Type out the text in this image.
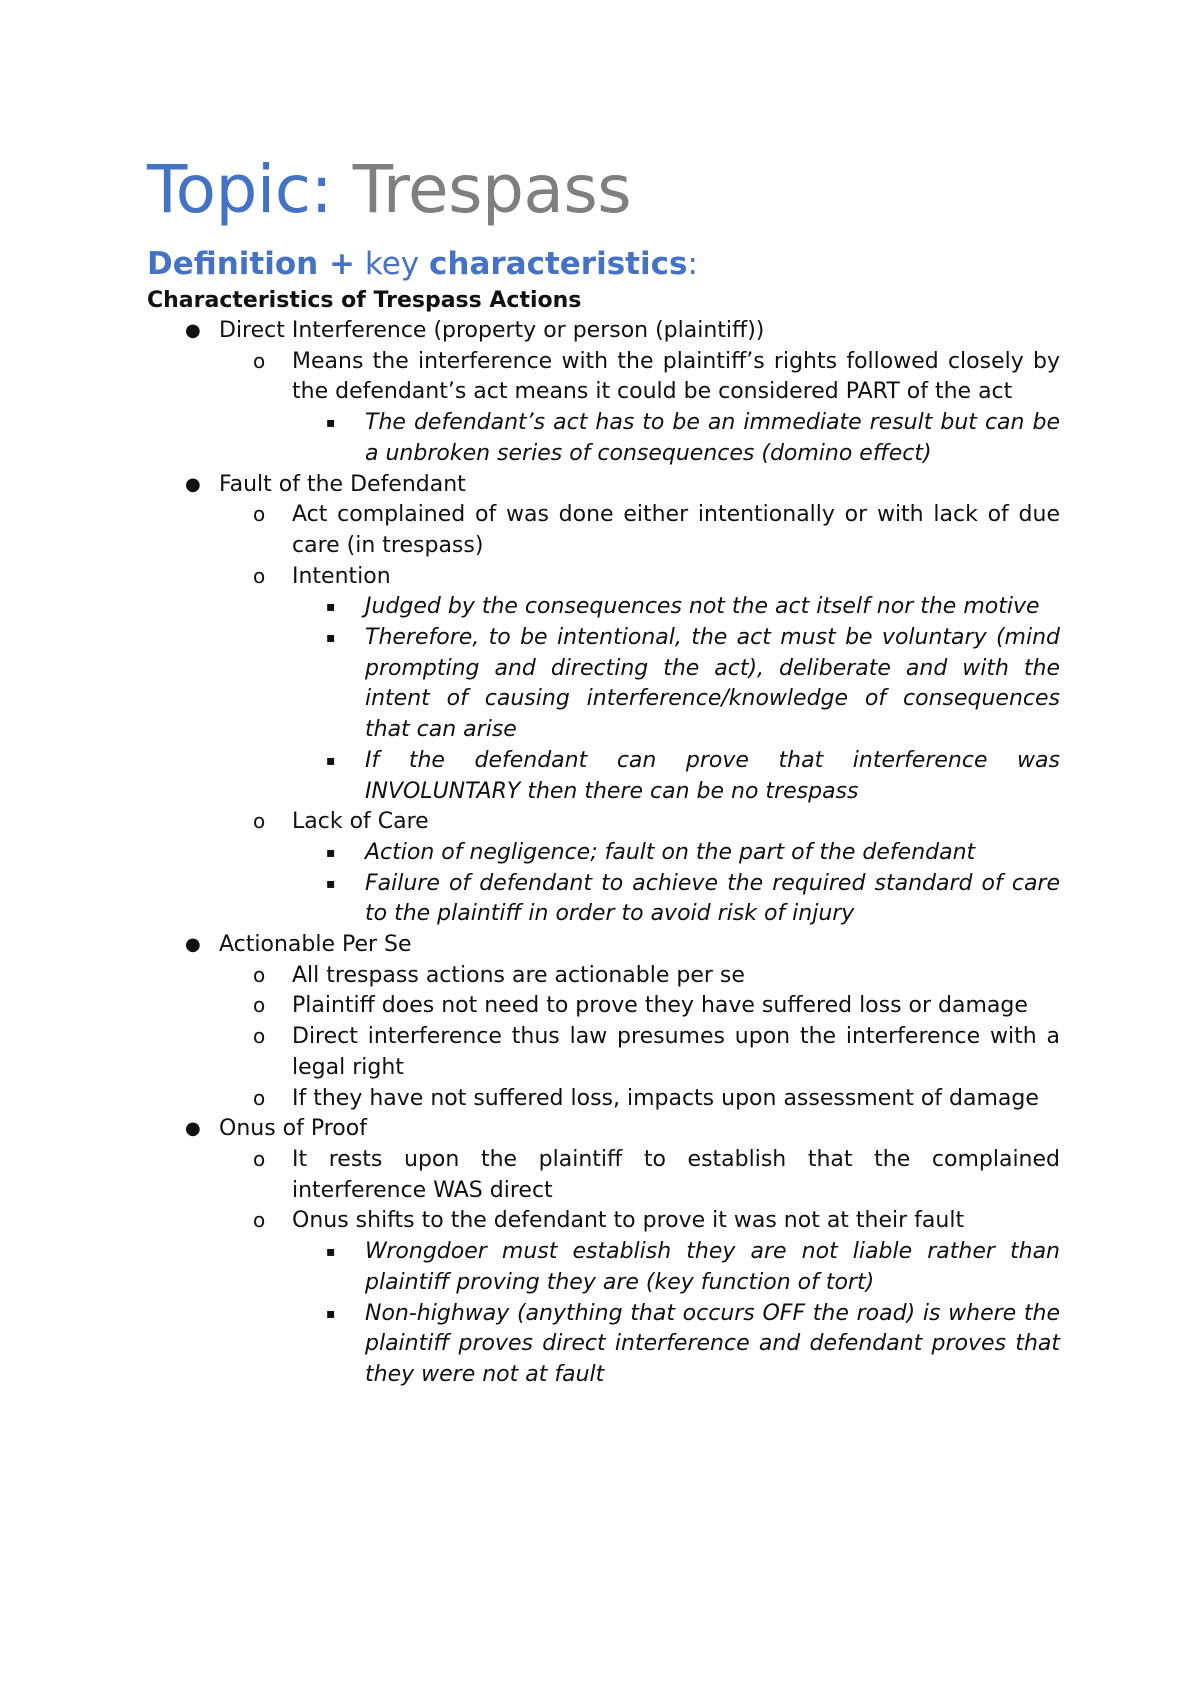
Topic: Trespass
Definition + key characteristics:
Characteristics of Trespass Actions
● Direct Interference (property or person (plaintiff))
o Means the interference with the plaintiff’s rights followed closely by the defendant’s act means it could be considered PART of the act
▪ The defendant’s act has to be an immediate result but can be a unbroken series of consequences (domino effect)
● Fault of the Defendant
o Act complained of was done either intentionally or with lack of due care (in trespass)
o Intention
▪ Judged by the consequences not the act itself nor the motive
▪ Therefore, to be intentional, the act must be voluntary (mind prompting and directing the act), deliberate and with the intent of causing interference/knowledge of consequences that can arise
▪ If the defendant can prove that interference was INVOLUNTARY then there can be no trespass
o Lack of Care
▪ Action of negligence; fault on the part of the defendant
▪ Failure of defendant to achieve the required standard of care to the plaintiff in order to avoid risk of injury
● Actionable Per Se
o All trespass actions are actionable per se
o Plaintiff does not need to prove they have suffered loss or damage
o Direct interference thus law presumes upon the interference with a legal right
o If they have not suffered loss, impacts upon assessment of damage
● Onus of Proof
o It rests upon the plaintiff to establish that the complained interference WAS direct
o Onus shifts to the defendant to prove it was not at their fault
▪ Wrongdoer must establish they are not liable rather than plaintiff proving they are (key function of tort)
▪ Non-highway (anything that occurs OFF the road) is where the plaintiff proves direct interference and defendant proves that they were not at fault
